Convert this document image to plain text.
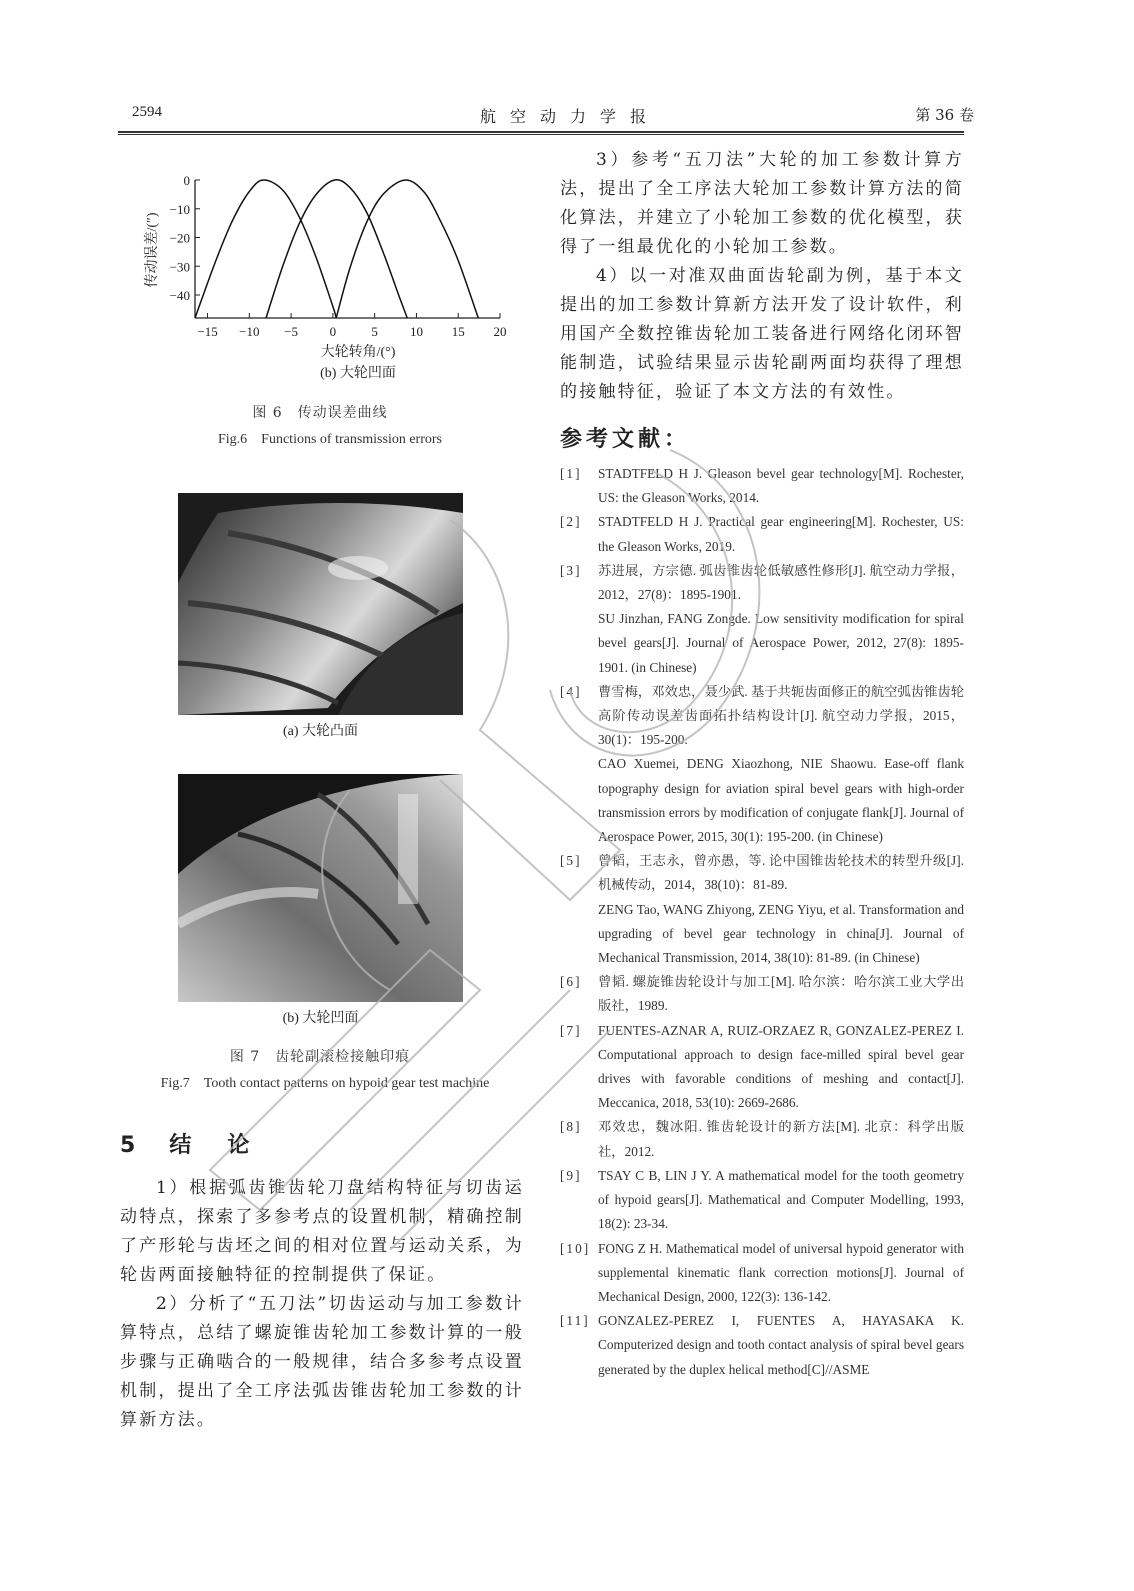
2594	航空动力学报	第 36 卷
0
−10
−20
−30
−40
−15 −10 −5 0	5 10 15 20
传动误差/(″)
大轮转角/(°)
(b) 大轮凹面
图 6　传动误差曲线
Fig.6　Functions of transmission errors
(a) 大轮凸面
(b) 大轮凹面
图 7　齿轮副滚检接触印痕
Fig.7　Tooth contact patterns on hypoid gear test machine
5 结 论
1）根据弧齿锥齿轮刀盘结构特征与切齿运动特点，探索了多参考点的设置机制，精确控制了产形轮与齿坯之间的相对位置与运动关系，为轮齿两面接触特征的控制提供了保证。
2）分析了“五刀法”切齿运动与加工参数计算特点，总结了螺旋锥齿轮加工参数计算的一般步骤与正确啮合的一般规律，结合多参考点设置机制，提出了全工序法弧齿锥齿轮加工参数的计算新方法。
3）参考“五刀法”大轮的加工参数计算方法，提出了全工序法大轮加工参数计算方法的简化算法，并建立了小轮加工参数的优化模型，获得了一组最优化的小轮加工参数。
4）以一对准双曲面齿轮副为例，基于本文提出的加工参数计算新方法开发了设计软件，利用国产全数控锥齿轮加工装备进行网络化闭环智能制造，试验结果显示齿轮副两面均获得了理想的接触特征，验证了本文方法的有效性。
参考文献：
[1] STADTFELD H J. Gleason bevel gear technology[M]. Rochester, US: the Gleason Works, 2014.
[2] STADTFELD H J. Practical gear engineering[M]. Rochester, US: the Gleason Works, 2019.
[3] 苏进展，方宗德. 弧齿锥齿轮低敏感性修形[J]. 航空动力学报，2012，27(8)：1895-1901.
SU Jinzhan, FANG Zongde. Low sensitivity modification for spiral bevel gears[J]. Journal of Aerospace Power, 2012, 27(8): 1895-1901. (in Chinese)
[4] 曹雪梅，邓效忠，聂少武. 基于共轭齿面修正的航空弧齿锥齿轮高阶传动误差齿面拓扑结构设计[J]. 航空动力学报，2015，30(1)：195-200.
CAO Xuemei, DENG Xiaozhong, NIE Shaowu. Ease-off flank topography design for aviation spiral bevel gears with high-order transmission errors by modification of conjugate flank[J]. Journal of Aerospace Power, 2015, 30(1): 195-200. (in Chinese)
[5] 曾韬，王志永，曾亦愚，等. 论中国锥齿轮技术的转型升级[J]. 机械传动，2014，38(10)：81-89.
ZENG Tao, WANG Zhiyong, ZENG Yiyu, et al. Transformation and upgrading of bevel gear technology in china[J]. Journal of Mechanical Transmission, 2014, 38(10): 81-89. (in Chinese)
[6] 曾韬. 螺旋锥齿轮设计与加工[M]. 哈尔滨：哈尔滨工业大学出版社，1989.
[7] FUENTES-AZNAR A, RUIZ-ORZAEZ R, GONZALEZ-PEREZ I. Computational approach to design face-milled spiral bevel gear drives with favorable conditions of meshing and contact[J]. Meccanica, 2018, 53(10): 2669-2686.
[8] 邓效忠，魏冰阳. 锥齿轮设计的新方法[M]. 北京：科学出版社，2012.
[9] TSAY C B, LIN J Y. A mathematical model for the tooth geometry of hypoid gears[J]. Mathematical and Computer Modelling, 1993, 18(2): 23-34.
[10] FONG Z H. Mathematical model of universal hypoid generator with supplemental kinematic flank correction motions[J]. Journal of Mechanical Design, 2000, 122(3): 136-142.
[11] GONZALEZ-PEREZ I, FUENTES A, HAYASAKA K. Computerized design and tooth contact analysis of spiral bevel gears generated by the duplex helical method[C]//ASME
